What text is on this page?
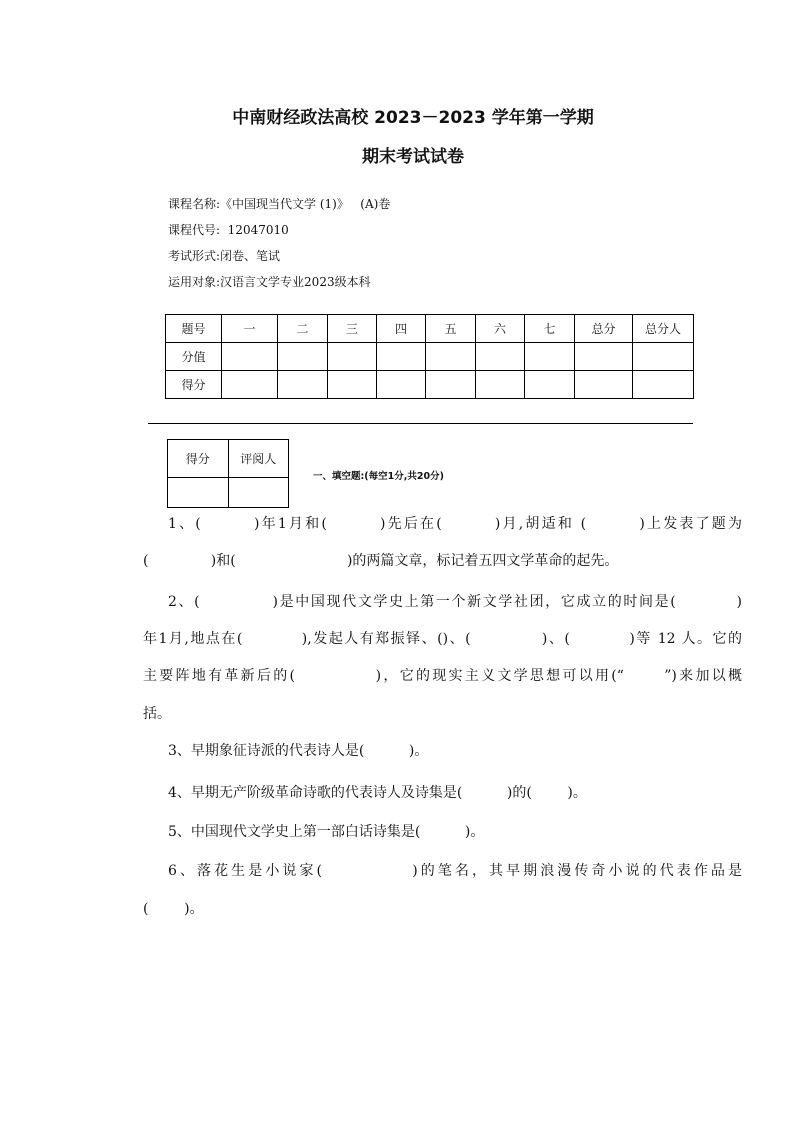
中南财经政法高校 2023－2023 学年第一学期
期末考试试卷
课程名称:《中国现当代文学 (1)》   (A)卷
课程代号:  12047010
考试形式:闭卷、笔试
运用对象:汉语言文学专业2023级本科
题号	一	二	三	四	五	六	七	总分	总分人
分值									
得分									
得分	评阅人

一、填空题:(每空1分,共20分)
1、(        )年1月和(        )先后在(        )月,胡适和 (        )上发表了题为
(              )和(                         )的两篇文章，标记着五四文学革命的起先。
2、(            )是中国现代文学史上第一个新文学社团，它成立的时间是(          )
年1月,地点在(          ),发起人有郑振铎、()、(            )、(          )等 12 人。它的
主要阵地有革新后的(            )，它的现实主义文学思想可以用(“      ”)来加以概
括。
3、早期象征诗派的代表诗人是(          )。
4、早期无产阶级革命诗歌的代表诗人及诗集是(          )的(        )。
5、中国现代文学史上第一部白话诗集是(          )。
6、落花生是小说家(            )的笔名，其早期浪漫传奇小说的代表作品是
(        )。
